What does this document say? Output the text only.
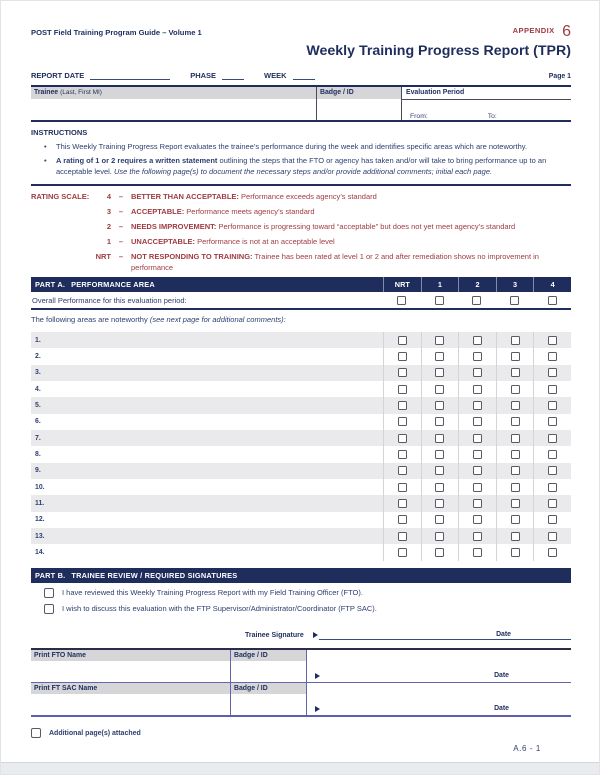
POST Field Training Program Guide – Volume 1	APPENDIX 6
Weekly Training Progress Report (TPR)
REPORT DATE	PHASE	WEEK	Page 1
Trainee (Last, First MI)	Badge / ID	Evaluation Period
From:	To:
INSTRUCTIONS
•	This Weekly Training Progress Report evaluates the trainee’s performance during the week and identifies specific areas which are noteworthy.
•	A rating of 1 or 2 requires a written statement outlining the steps that the FTO or agency has taken and/or will take to bring performance up to an acceptable level. Use the following page(s) to document the necessary steps and/or provide additional comments; initial each page.
RATING SCALE:	4	–	BETTER THAN ACCEPTABLE: Performance exceeds agency’s standard
3	–	ACCEPTABLE: Performance meets agency’s standard
2	–	NEEDS IMPROVEMENT: Performance is progressing toward “acceptable” but does not yet meet agency’s standard
1	–	UNACCEPTABLE: Performance is not at an acceptable level
NRT	–	NOT RESPONDING TO TRAINING: Trainee has been rated at level 1 or 2 and after remediation shows no improvement in performance
PART A. PERFORMANCE AREA	NRT	1	2	3	4
Overall Performance for this evaluation period:
The following areas are noteworthy (see next page for additional comments):
1.
2.
3.
4.
5.
6.
7.
8.
9.
10.
11.
12.
13.
14.
PART B. TRAINEE REVIEW / REQUIRED SIGNATURES
I have reviewed this Weekly Training Progress Report with my Field Training Officer (FTO).
I wish to discuss this evaluation with the FTP Supervisor/Administrator/Coordinator (FTP SAC).
Trainee Signature	Date
Print FTO Name	Badge / ID
Date
Print FT SAC Name	Badge / ID
Date
Additional page(s) attached
A.6 - 1
